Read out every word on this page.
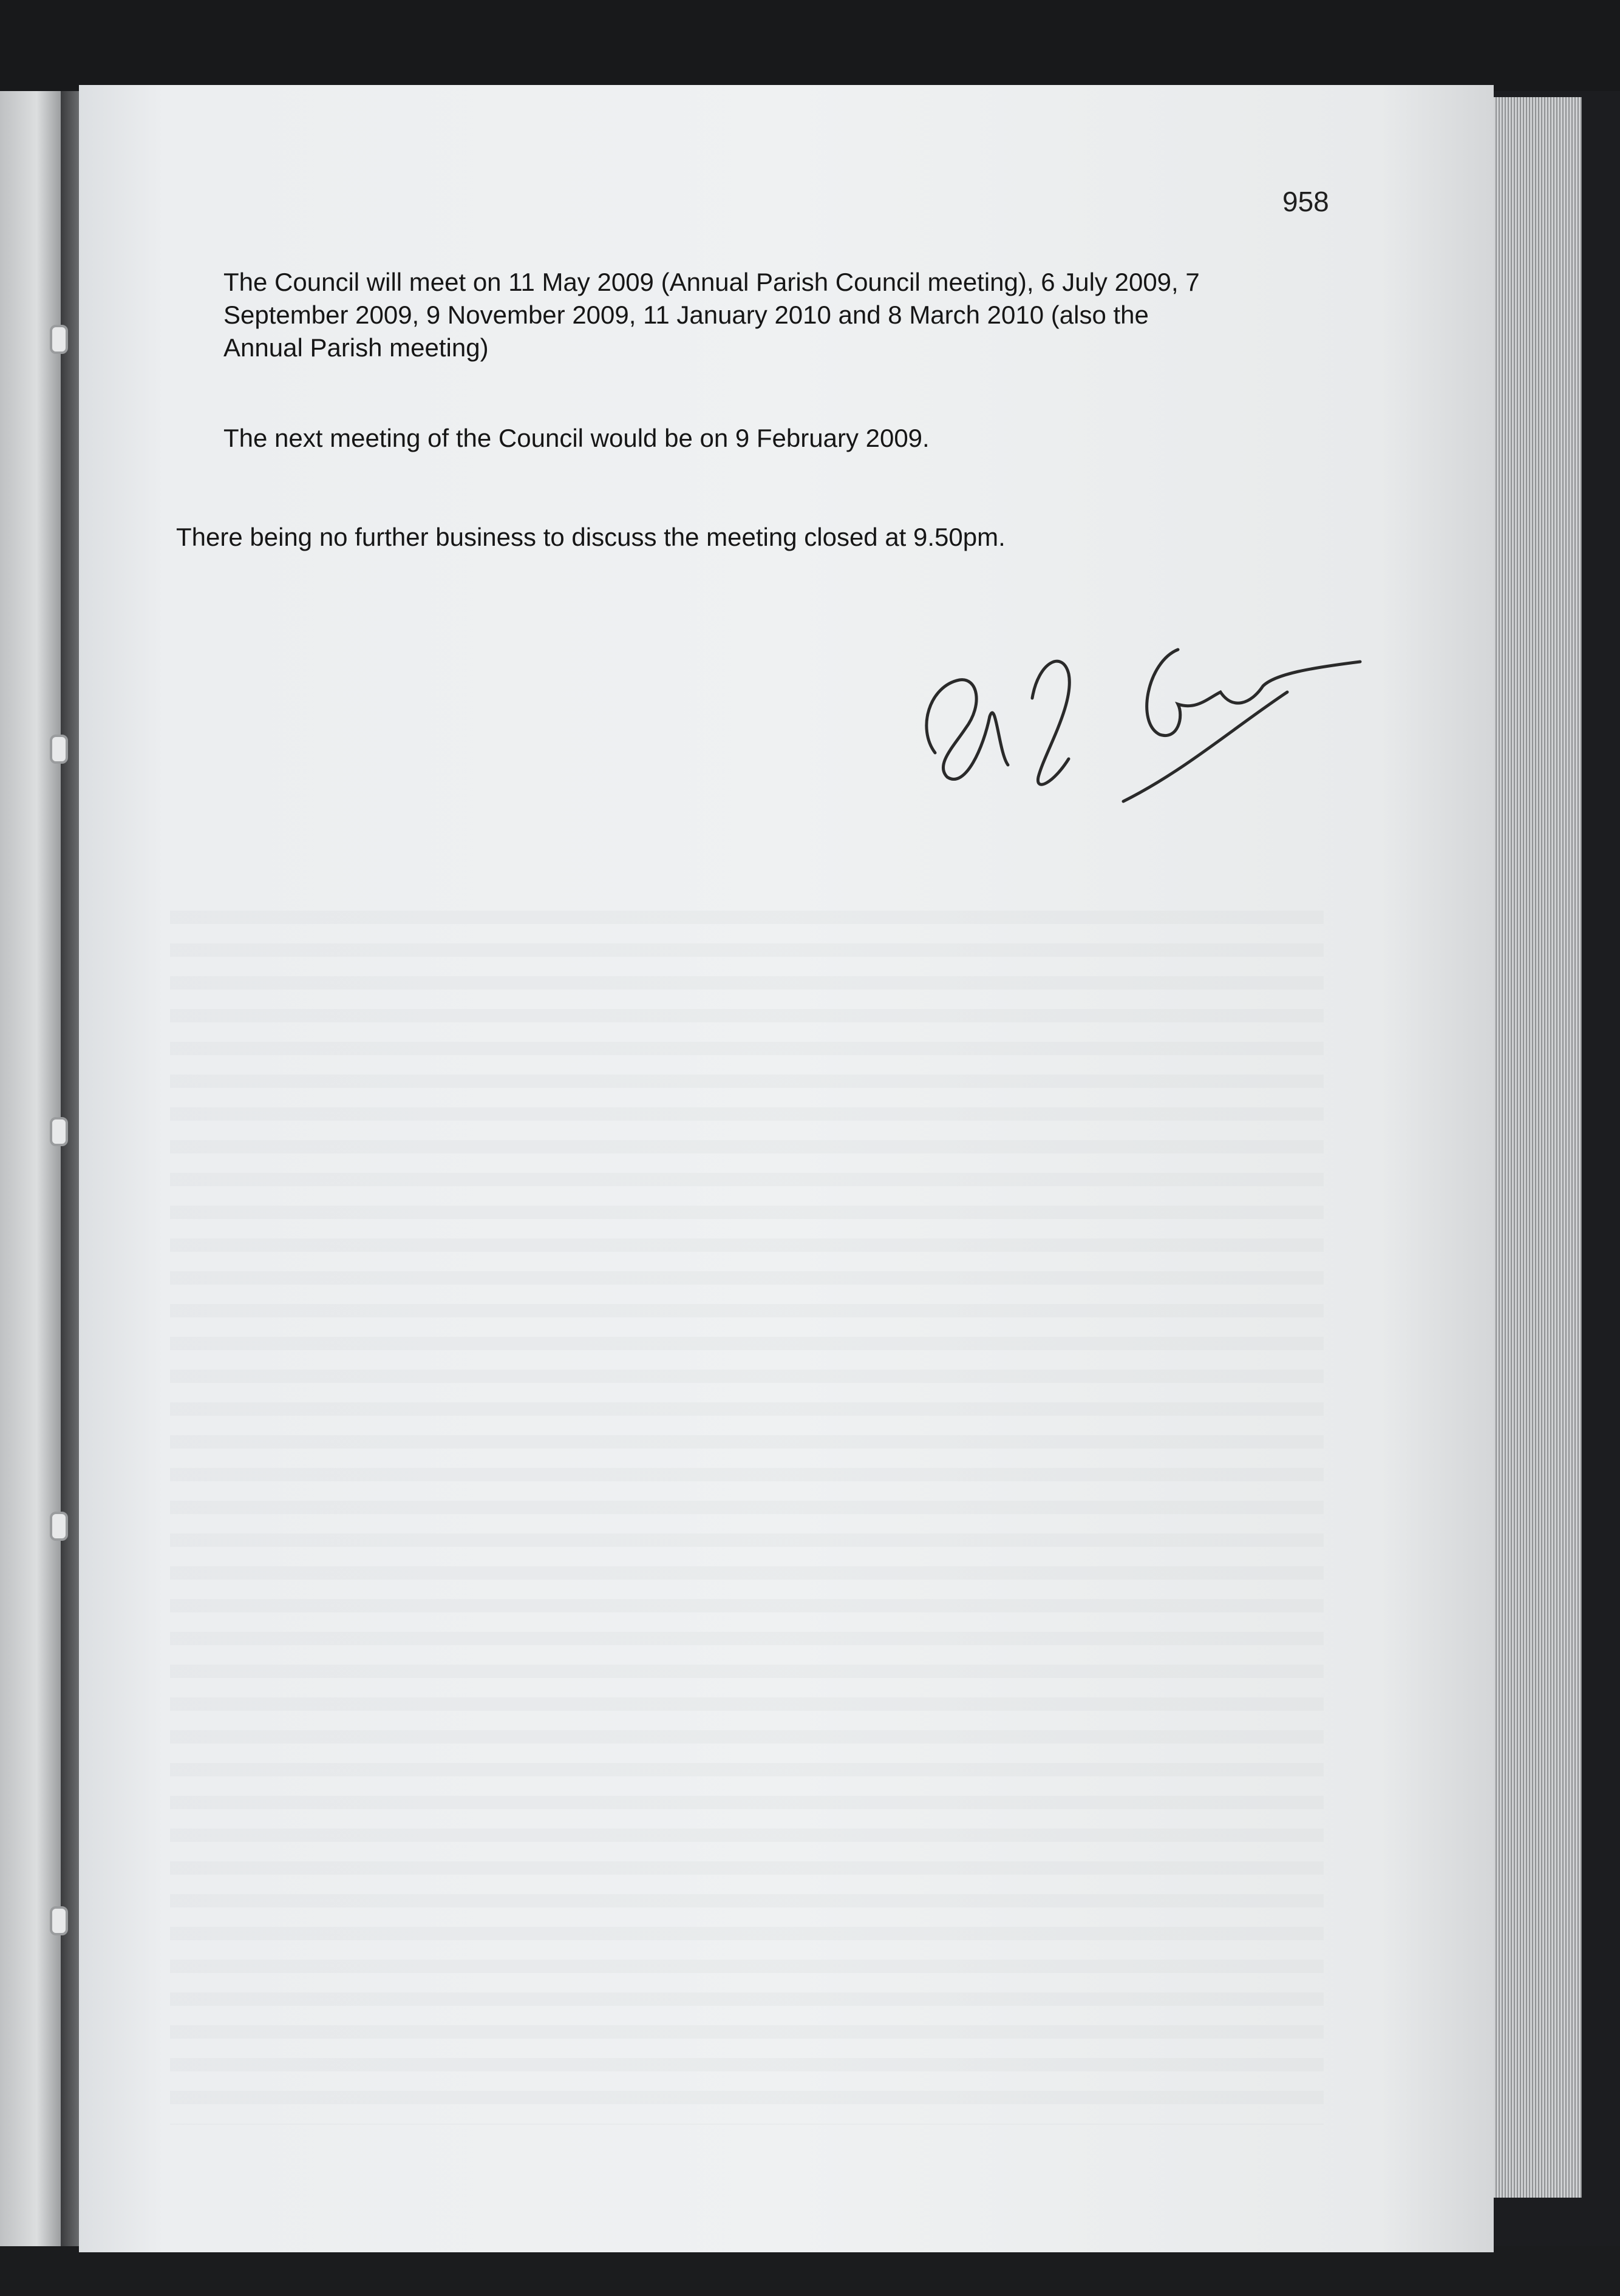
958

The Council will meet on 11 May 2009 (Annual Parish Council meeting), 6 July 2009, 7 September 2009, 9 November 2009, 11 January 2010 and 8 March 2010 (also the Annual Parish meeting)

The next meeting of the Council would be on 9 February 2009.

There being no further business to discuss the meeting closed at 9.50pm.
